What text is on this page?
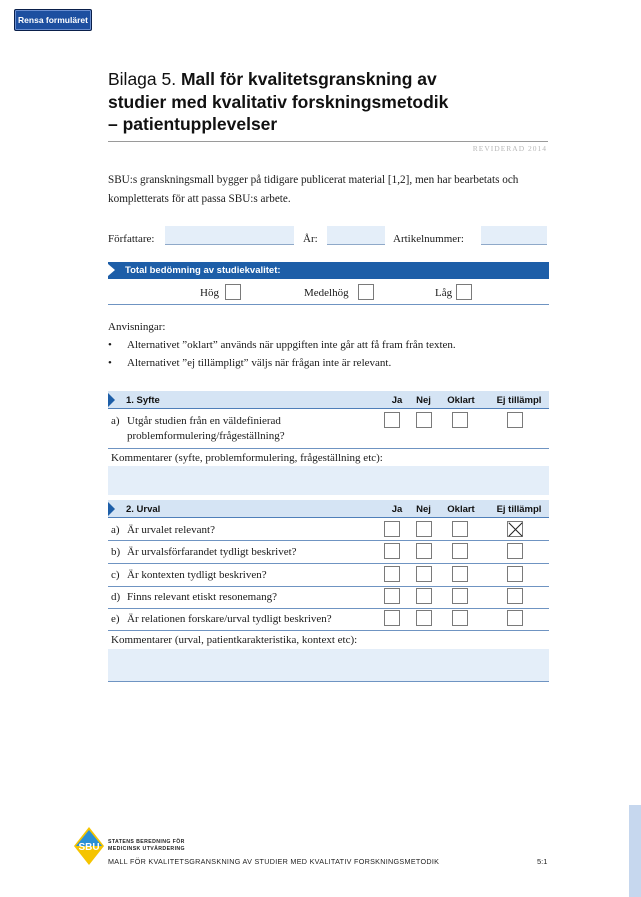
Rensa formuläret
Bilaga 5. Mall för kvalitetsgranskning av
studier med kvalitativ forskningsmetodik
– patientupplevelser
REVIDERAD 2014
SBU:s granskningsmall bygger på tidigare publicerat material [1,2], men har bearbetats och kompletterats för att passa SBU:s arbete.
Författare:	År:	Artikelnummer:
Total bedömning av studiekvalitet:
Hög	Medelhög	Låg
Anvisningar:
• Alternativet ”oklart” används när uppgiften inte går att få fram från texten.
• Alternativet ”ej tillämpligt” väljs när frågan inte är relevant.
1. Syfte	Ja	Nej	Oklart	Ej tillämpl
a) Utgår studien från en väldefinierad problemformulering/frågeställning?
Kommentarer (syfte, problemformulering, frågeställning etc):
2. Urval	Ja	Nej	Oklart	Ej tillämpl
a) Är urvalet relevant?
b) Är urvalsförfarandet tydligt beskrivet?
c) Är kontexten tydligt beskriven?
d) Finns relevant etiskt resonemang?
e) Är relationen forskare/urval tydligt beskriven?
Kommentarer (urval, patientkarakteristika, kontext etc):
SBU STATENS BEREDNING FÖR
MEDICINSK UTVÄRDERING
MALL FÖR KVALITETSGRANSKNING AV STUDIER MED KVALITATIV FORSKNINGSMETODIK	5:1
